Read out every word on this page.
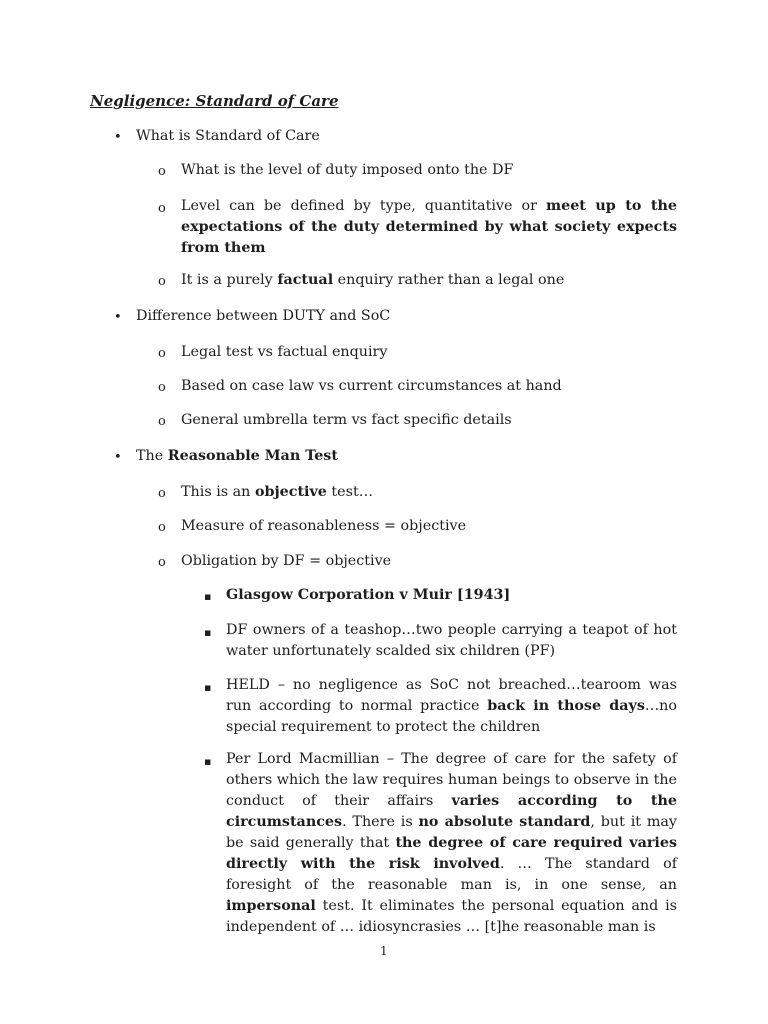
Negligence: Standard of Care
• What is Standard of Care
o What is the level of duty imposed onto the DF
o Level can be defined by type, quantitative or meet up to the expectations of the duty determined by what society expects from them
o It is a purely factual enquiry rather than a legal one
• Difference between DUTY and SoC
o Legal test vs factual enquiry
o Based on case law vs current circumstances at hand
o General umbrella term vs fact specific details
• The Reasonable Man Test
o This is an objective test…
o Measure of reasonableness = objective
o Obligation by DF = objective
▪ Glasgow Corporation v Muir [1943]
▪ DF owners of a teashop…two people carrying a teapot of hot water unfortunately scalded six children (PF)
▪ HELD – no negligence as SoC not breached…tearoom was run according to normal practice back in those days…no special requirement to protect the children
▪ Per Lord Macmillian – The degree of care for the safety of others which the law requires human beings to observe in the conduct of their affairs varies according to the circumstances. There is no absolute standard, but it may be said generally that the degree of care required varies directly with the risk involved. … The standard of foresight of the reasonable man is, in one sense, an impersonal test. It eliminates the personal equation and is independent of … idiosyncrasies … [t]he reasonable man is
1
